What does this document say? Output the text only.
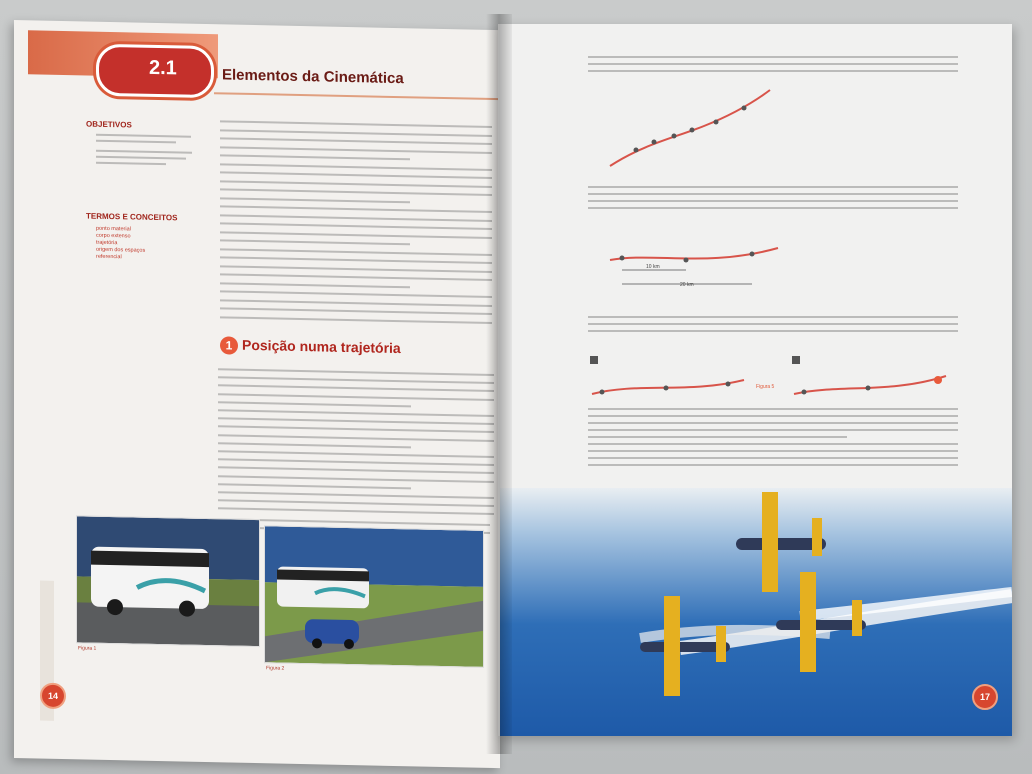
2.1	Elementos da Cinemática
OBJETIVOS
TERMOS E CONCEITOS
ponto material
corpo extenso
trajetória
origem dos espaços
referencial
1 Posição numa trajetória
Figura 1
Figura 2
14
10 km
20 km
Figura 5
17
